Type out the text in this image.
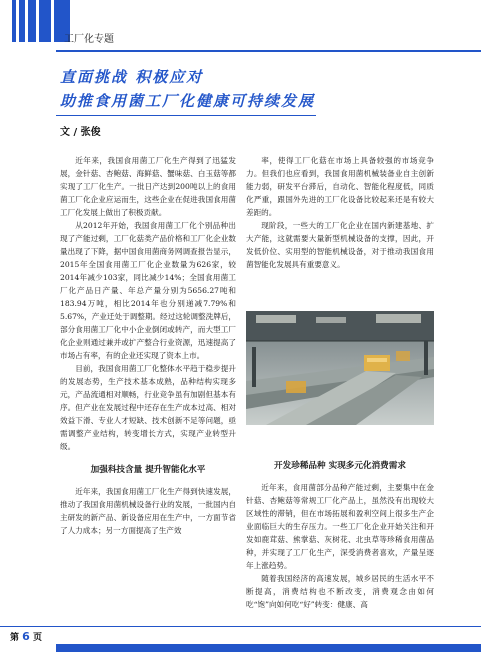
工厂化专题
直面挑战 积极应对
助推食用菌工厂化健康可持续发展
文 / 张俊

近年来，我国食用菌工厂化生产得到了迅猛发展，金针菇、杏鲍菇、海鲜菇、蟹味菇、白玉菇等都实现了工厂化生产。一批日产达到200吨以上的食用菌工厂化企业应运而生，这些企业在促进我国食用菌工厂化发展上做出了积极贡献。

从2012年开始，我国食用菌工厂化个别品种出现了产能过剩，工厂化菇类产品价格和工厂化企业数量出现了下降，据中国食用菌商务网调查报告显示，2015年全国食用菌工厂化企业数量为626家，较2014年减少103家，同比减少14%；全国食用菌工厂化产品日产量、年总产量分别为5656.27吨和183.94万吨，相比2014年也分别递减7.79%和5.67%，产业迁处于调整期。经过这轮调整洗牌后，部分食用菌工厂化中小企业倒闭或转产，而大型工厂化企业则通过兼并或扩产整合行业资源，迅速提高了市场占有率，有的企业还实现了资本上市。

目前，我国食用菌工厂化整体水平趋于稳步提升的发展态势，生产技术基本成熟，品种结构实现多元，产品流通相对顺畅，行业竞争虽有加剧但基本有序。但产业在发展过程中还存在生产成本过高、相对效益下滑、专业人才短缺、技术创新不足等问题，亟需调整产业结构，转变增长方式，实现产业转型升级。

加强科技含量 提升智能化水平

近年来，我国食用菌工厂化生产得到快速发展，推动了我国食用菌机械设备行业的发展，一批国内自主研发的新产品、新设备应用在生产中，一方面节省了人力成本；另一方面提高了生产效

率，使得工厂化菇在市场上具备较强的市场竞争力。但我们也应看到，我国食用菌机械装备业自主创新能力弱，研发平台滞后，自动化、智能化程度低，同质化严重，跟国外先进的工厂化设备比较起来还是有较大差距的。

现阶段，一些大的工厂化企业在国内新建基地、扩大产能，这就需要大量新型机械设备的支撑，因此，开发低价位、实用型的智能机械设备，对于推动我国食用菌智能化发展具有重要意义。

开发珍稀品种 实现多元化消费需求

近年来，食用菌部分品种产能过剩，主要集中在金针菇、杏鲍菇等常规工厂化产品上，虽然没有出现较大区域性的滞销，但在市场拓展和盈利空间上很多生产企业面临巨大的生存压力。一些工厂化企业开始关注和开发如鹿茸菇、熊掌菇、灰树花、北虫草等珍稀食用菌品种，并实现了工厂化生产，深受消费者喜欢，产量呈逐年上涨趋势。

随着我国经济的高速发展，城乡居民的生活水平不断提高，消费结构也不断改变，消费观念由如何吃“饱”向如何吃“好”转变：健康、高

第 6 页
